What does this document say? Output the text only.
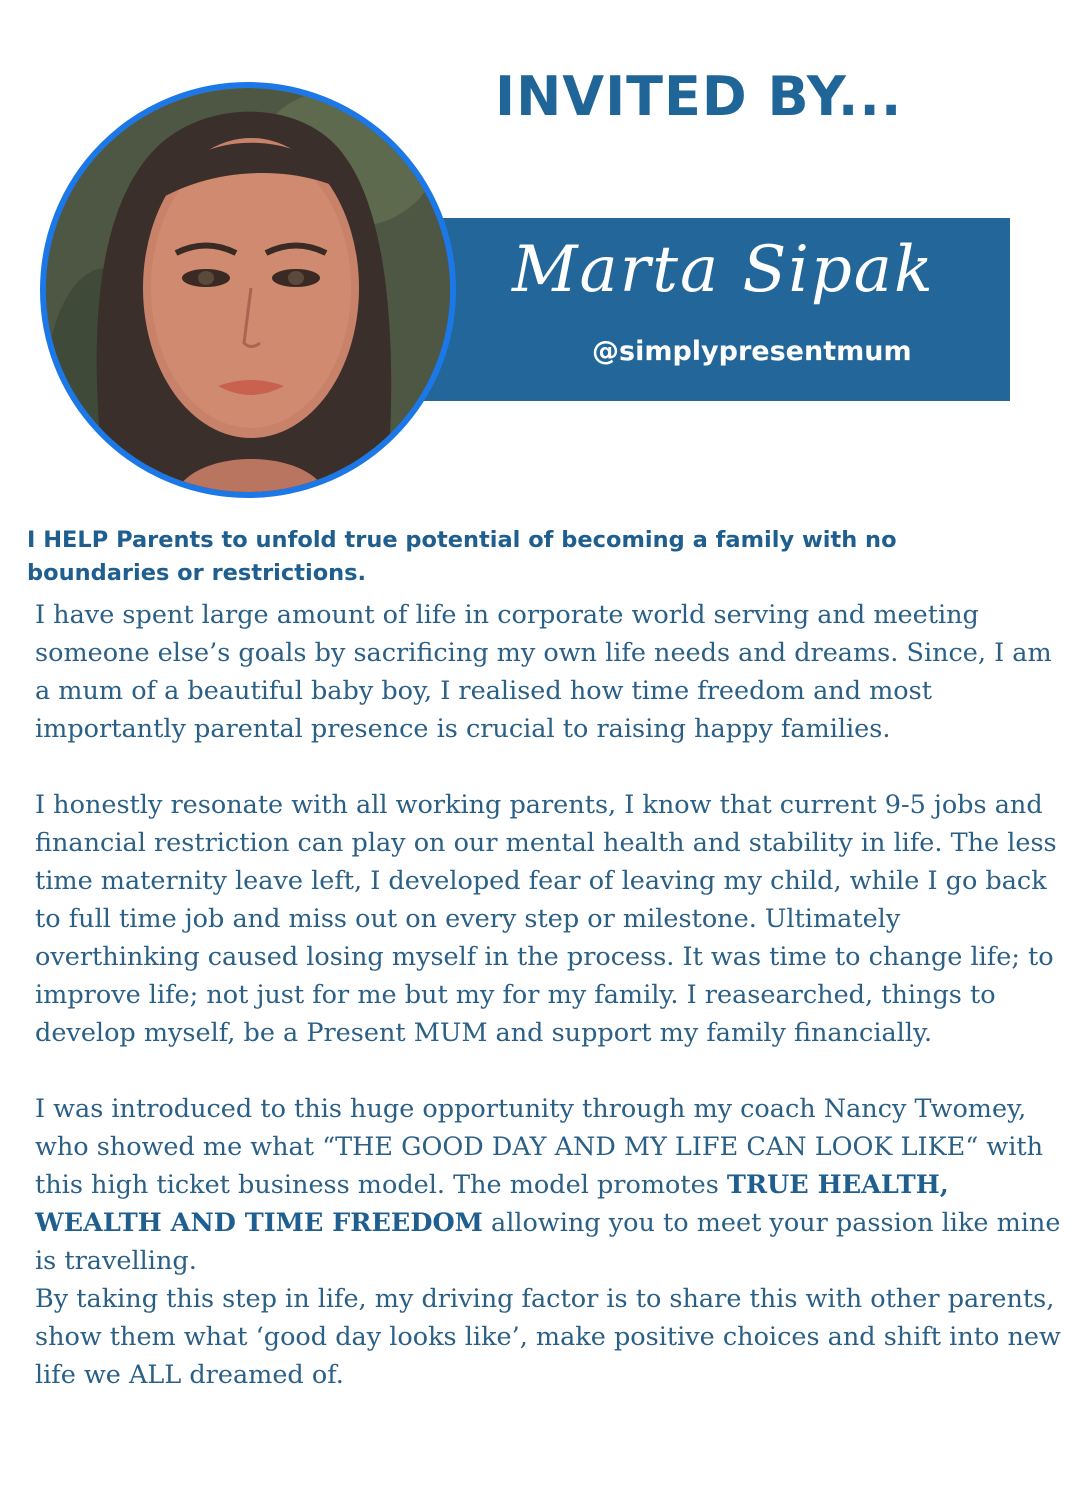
INVITED BY...
Marta Sipak
@simplypresentmum
I HELP Parents to unfold true potential of becoming a family with no boundaries or restrictions.

I have spent large amount of life in corporate world serving and meeting someone else’s goals by sacrificing my own life needs and dreams. Since, I am a mum of a beautiful baby boy, I realised how time freedom and most importantly parental presence is crucial to raising happy families.

I honestly resonate with all working parents, I know that current 9-5 jobs and financial restriction can play on our mental health and stability in life. The less time maternity leave left, I developed fear of leaving my child, while I go back to full time job and miss out on every step or milestone. Ultimately overthinking caused losing myself in the process. It was time to change life; to improve life; not just for me but my for my family. I reasearched, things to develop myself, be a Present MUM and support my family financially.

I was introduced to this huge opportunity through my coach Nancy Twomey, who showed me what “THE GOOD DAY AND MY LIFE CAN LOOK LIKE“ with this high ticket business model. The model promotes TRUE HEALTH, WEALTH AND TIME FREEDOM allowing you to meet your passion like mine is travelling.

By taking this step in life, my driving factor is to share this with other parents, show them what ‘good day looks like’, make positive choices and shift into new life we ALL dreamed of.
